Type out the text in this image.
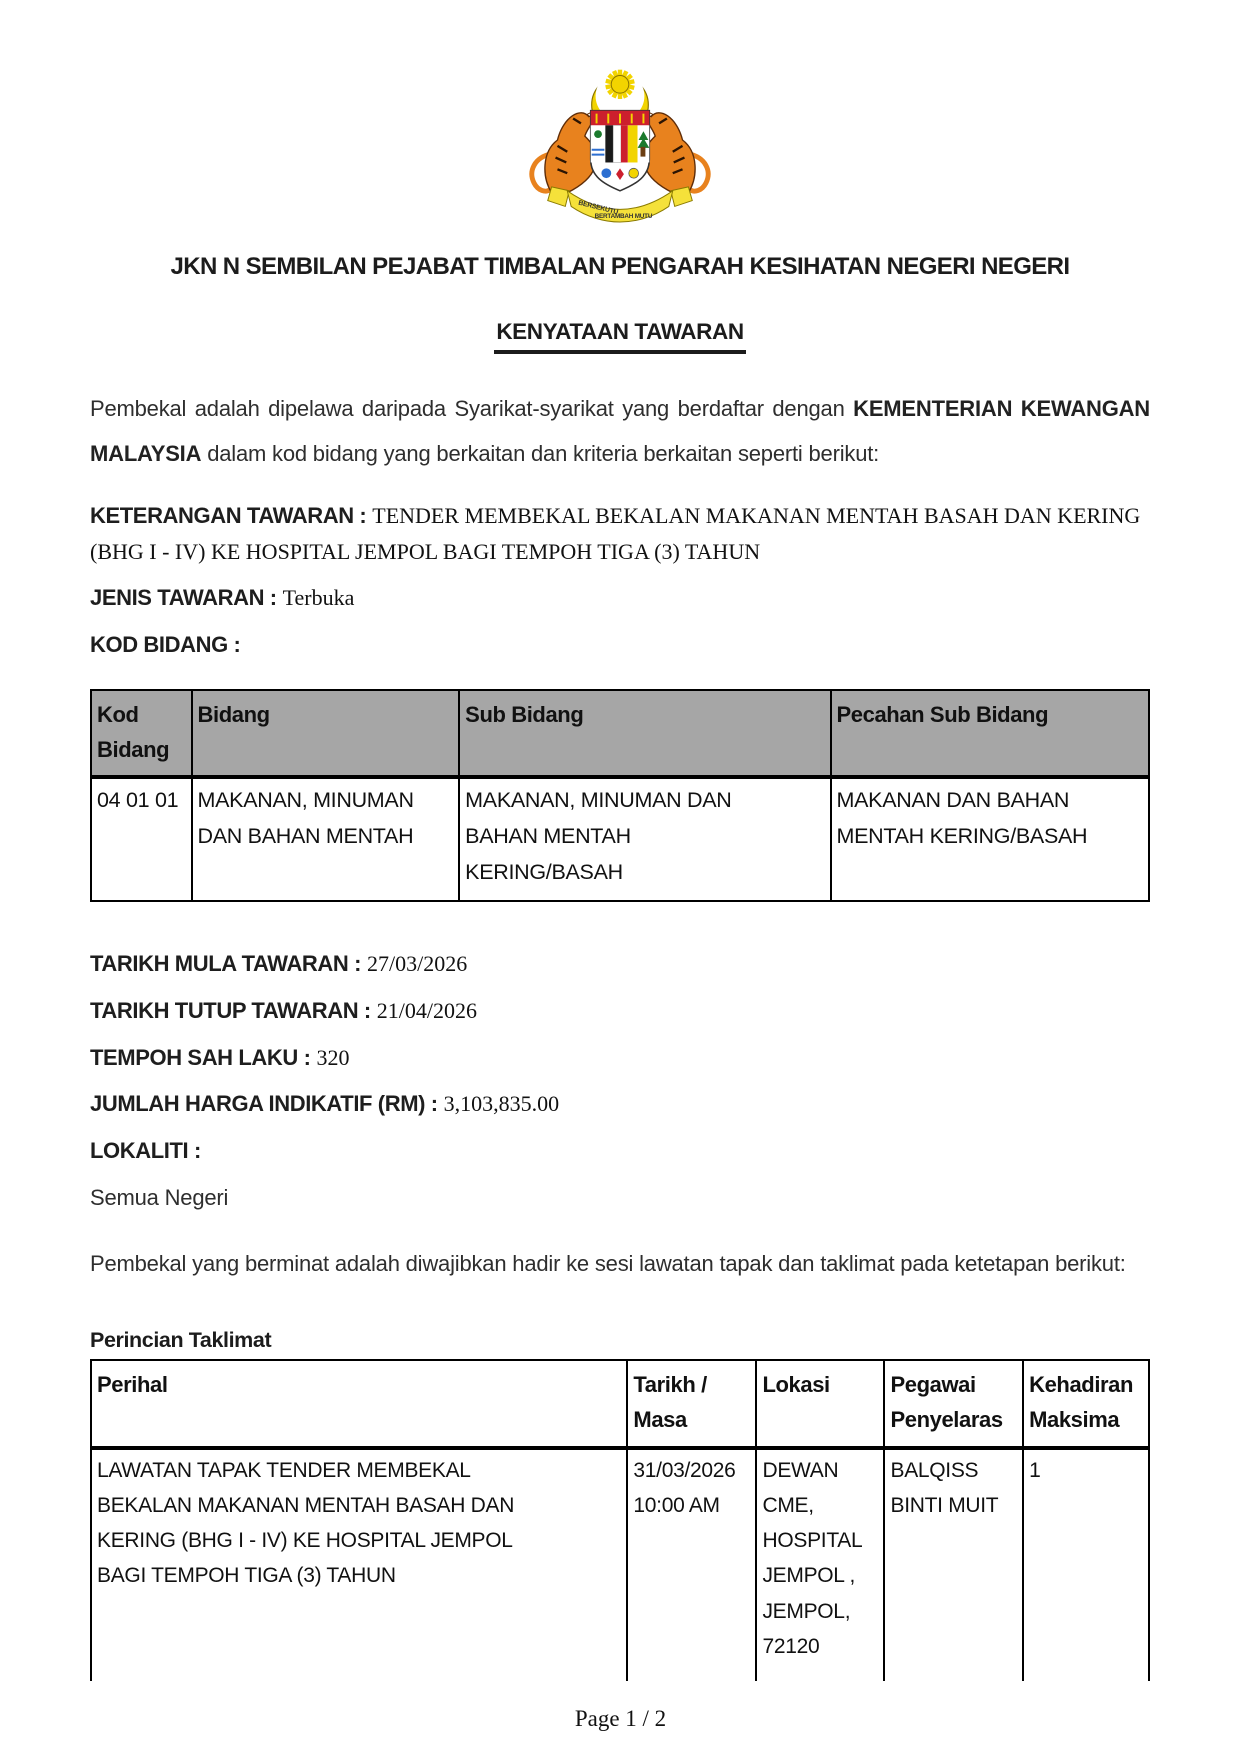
BERSEKUTU
BERTAMBAH MUTU
JKN N SEMBILAN PEJABAT TIMBALAN PENGARAH KESIHATAN NEGERI NEGERI
KENYATAAN TAWARAN

Pembekal adalah dipelawa daripada Syarikat-syarikat yang berdaftar dengan KEMENTERIAN KEWANGAN MALAYSIA dalam kod bidang yang berkaitan dan kriteria berkaitan seperti berikut:

KETERANGAN TAWARAN : TENDER MEMBEKAL BEKALAN MAKANAN MENTAH BASAH DAN KERING (BHG I - IV) KE HOSPITAL JEMPOL BAGI TEMPOH TIGA (3) TAHUN
JENIS TAWARAN : Terbuka
KOD BIDANG :
Kod Bidang	Bidang	Sub Bidang	Pecahan Sub Bidang
04 01 01	MAKANAN, MINUMAN DAN BAHAN MENTAH	MAKANAN, MINUMAN DAN BAHAN MENTAH KERING/BASAH	MAKANAN DAN BAHAN MENTAH KERING/BASAH
TARIKH MULA TAWARAN : 27/03/2026
TARIKH TUTUP TAWARAN : 21/04/2026
TEMPOH SAH LAKU : 320
JUMLAH HARGA INDIKATIF (RM) : 3,103,835.00
LOKALITI :
Semua Negeri

Pembekal yang berminat adalah diwajibkan hadir ke sesi lawatan tapak dan taklimat pada ketetapan berikut:

Perincian Taklimat
Perihal	Tarikh / Masa	Lokasi	Pegawai Penyelaras	Kehadiran Maksima
LAWATAN TAPAK TENDER MEMBEKAL BEKALAN MAKANAN MENTAH BASAH DAN KERING (BHG I - IV) KE HOSPITAL JEMPOL BAGI TEMPOH TIGA (3) TAHUN	31/03/2026 10:00 AM	DEWAN CME, HOSPITAL JEMPOL , JEMPOL, 72120	BALQISS BINTI MUIT	1
Page 1 / 2
